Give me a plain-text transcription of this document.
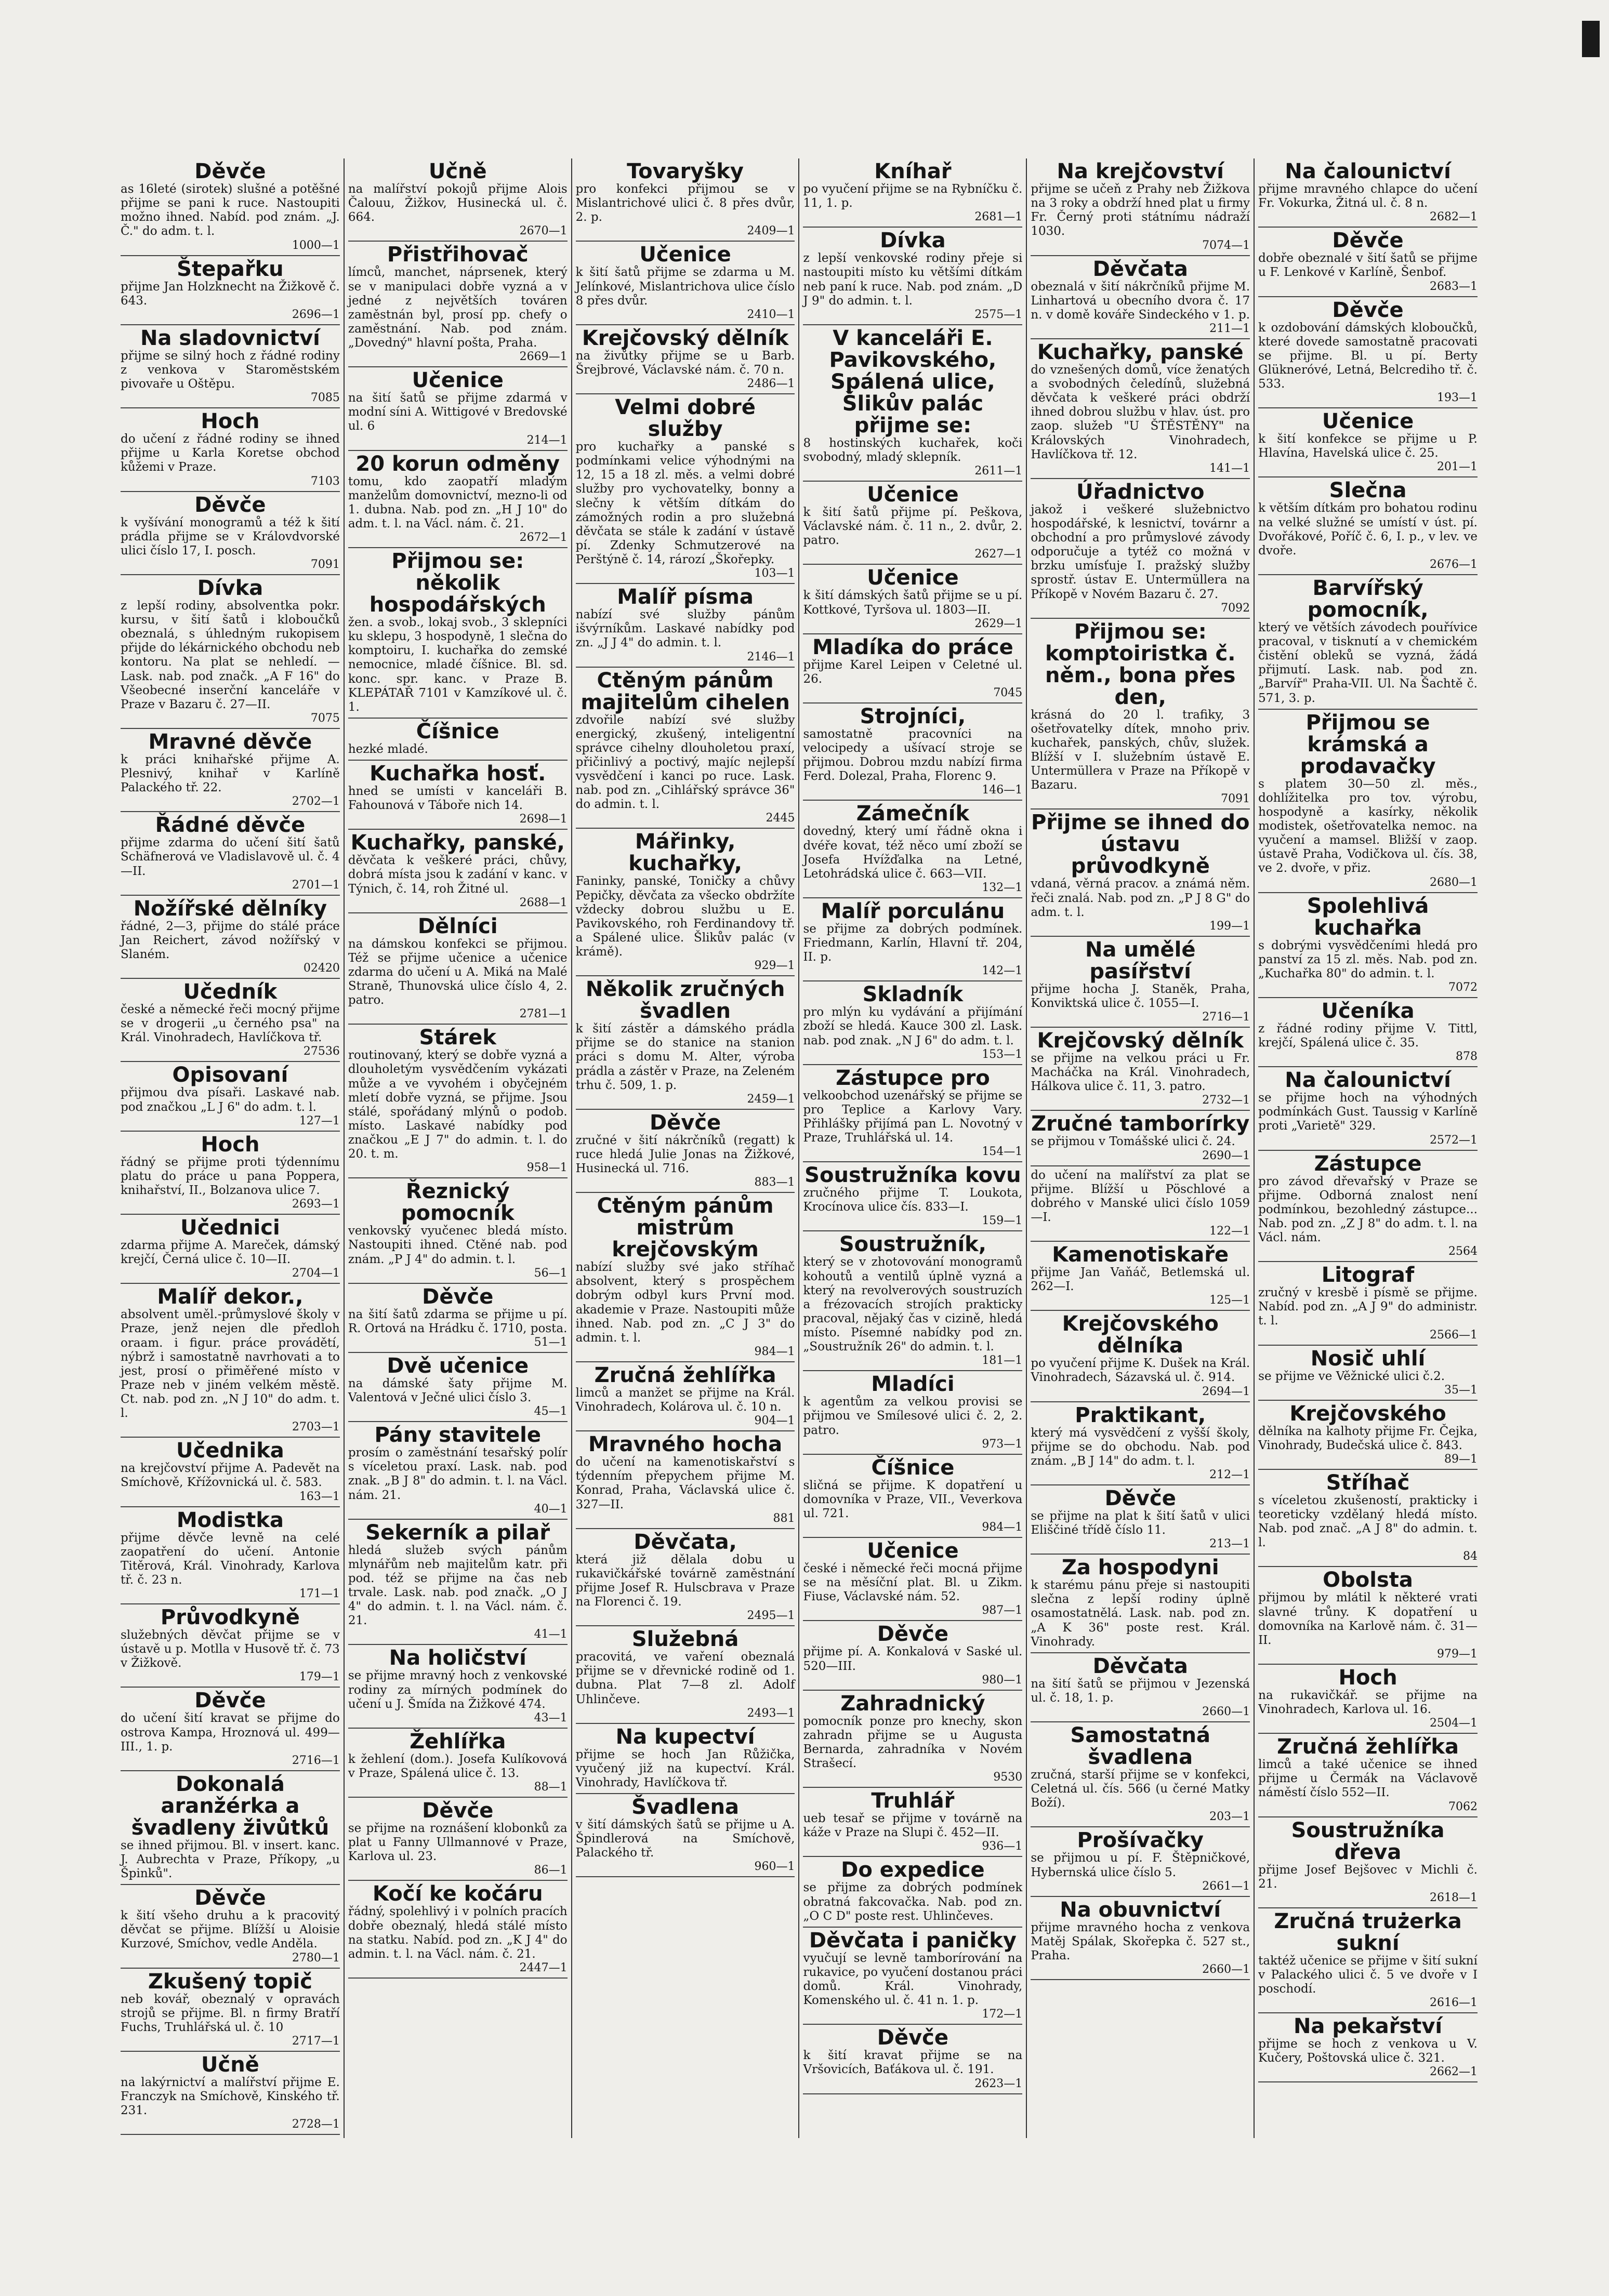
Děvče
as 16leté (sirotek) slušné a potěšné přijme se pani k ruce. Nastoupiti možno ihned. Nabíd. pod znám. „J. Č." do adm. t. l.
1000—1
Štepařku
přijme Jan Holzknecht na Žižkově č. 643.
2696—1
Na sladovnictví
přijme se silný hoch z řádné rodiny z venkova v Staroměstském pivovaře u Oštěpu.
7085
Hoch
do učení z řádné rodiny se ihned přijme u Karla Koretse obchod kůžemi v Praze.
7103
Děvče
k vyšívání monogramů a též k šití prádla přijme se v Královdvorské ulici číslo 17, I. posch.
7091
Dívka
z lepší rodiny, absolventka pokr. kursu, v šití šatů i kloboučků obeznalá, s úhledným rukopisem přijde do lékárnického obchodu neb kontoru. Na plat se nehledí. — Lask. nab. pod značk. „A F 16" do Všeobecné inserční kanceláře v Praze v Bazaru č. 27—II.
7075
Mravné děvče
k práci knihařské přijme A. Plesnivý, knihař v Karlíně Palackého tř. 22.
2702—1
Řádné děvče
přijme zdarma do učení šití šatů Schäfnerová ve Vladislavově ul. č. 4—II.
2701—1
Nožířské dělníky
řádné, 2—3, přijme do stálé práce Jan Reichert, závod nožířský v Slaném.
02420
Učedník
české a německé řeči mocný přijme se v drogerii „u černého psa" na Král. Vinohradech, Havlíčkova tř.
27536
Opisovaní
přijmou dva písaři. Laskavé nab. pod značkou „L J 6" do adm. t. l.
127—1
Hoch
řádný se přijme proti týdennímu platu do práce u pana Poppera, knihařství, II., Bolzanova ulice 7.
2693—1
Učednici
zdarma přijme A. Mareček, dámský krejčí, Černá ulice č. 10—II.
2704—1
Malíř dekor.,
absolvent uměl.-průmyslové školy v Praze, jenž nejen dle předloh oraam. i figur. práce provádětí, nýbrž i samostatně navrhovati a to jest, prosí o přiměřené místo v Praze neb v jiném velkém městě. Ct. nab. pod zn. „N J 10" do adm. t. l.
2703—1
Učednika
na krejčovství přijme A. Padevět na Smíchově, Křížovnická ul. č. 583.
163—1
Modistka
přijme děvče levně na celé zaopatření do učení. Antonie Titěrová, Král. Vinohrady, Karlova tř. č. 23 n.
171—1
Průvodkyně
služebných děvčat přijme se v ústavě u p. Motlla v Husově tř. č. 73 v Žižkově.
179—1
Děvče
do učení šití kravat se přijme do ostrova Kampa, Hroznová ul. 499—III., 1. p.
2716—1
Dokonalá aranžérka a švadleny živůtků
se ihned přijmou. Bl. v insert. kanc. J. Aubrechta v Praze, Příkopy, „u Špinků".
Děvče
k šití všeho druhu a k pracovitý děvčat se přijme. Blížší u Aloisie Kurzové, Smíchov, vedle Anděla.
2780—1
Zkušený topič
neb kovář, obeznalý v opravách strojů se přijme. Bl. n firmy Bratří Fuchs, Truhlářská ul. č. 10
2717—1
Učně
na lakýrnictví a malířství přijme E. Franczyk na Smíchově, Kinského tř. 231.
2728—1
Učně
na malířství pokojů přijme Alois Čalouu, Žižkov, Husinecká ul. č. 664.
2670—1
Přistřihovač
límců, manchet, náprsenek, který se v manipulaci dobře vyzná a v jedné z největších továren zaměstnán byl, prosí pp. chefy o zaměstnání. Nab. pod znám. „Dovedný" hlavní pošta, Praha.
2669—1
Učenice
na šití šatů se přijme zdarmá v modní síni A. Wittigové v Bredovské ul. 6
214—1
20 korun odměny
tomu, kdo zaopatří mladým manželům domovnictví, mezno-li od 1. dubna. Nab. pod zn. „H J 10" do adm. t. l. na Václ. nám. č. 21.
2672—1
Přijmou se: několik hospodářských
žen. a svob., lokaj svob., 3 sklepníci ku sklepu, 3 hospodyně, 1 slečna do komptoiru, I. kuchařka do zemské nemocnice, mladé číšnice. Bl. sd. konc. spr. kanc. v Praze B. KLEPÁTAŘ 7101 v Kamzíkové ul. č. 1.
Číšnice
hezké mladé.
Kuchařka hosť.
hned se umísti v kanceláři B. Fahounová v Táboře nich 14.
2698—1
Kuchařky, panské,
děvčata k veškeré práci, chůvy, dobrá místa jsou k zadání v kanc. v Týnich, č. 14, roh Žitné ul.
2688—1
Dělníci
na dámskou konfekci se přijmou. Též se přijme učenice a učenice zdarma do učení u A. Miká na Malé Straně, Thunovská ulice číslo 4, 2. patro.
2781—1
Stárek
routinovaný, který se dobře vyzná a dlouholetým vysvědčením vykázati může a ve vyvohém i obyčejném mletí dobře vyzná, se přijme. Jsou stálé, spořádaný mlýnů o podob. místo. Laskavé nabídky pod značkou „E J 7" do admin. t. l. do 20. t. m.
958—1
Řeznický pomocník
venkovský vyučenec bledá místo. Nastoupiti ihned. Ctěné nab. pod znám. „P J 4" do admin. t. l.
56—1
Děvče
na šití šatů zdarma se přijme u pí. R. Ortová na Hrádku č. 1710, posta.
51—1
Dvě učenice
na dámské šaty přijme M. Valentová v Ječné ulici číslo 3.
45—1
Pány stavitele
prosím o zaměstnání tesařský polír s víceletou praxí. Lask. nab. pod znak. „B J 8" do admin. t. l. na Václ. nám. 21.
40—1
Sekerník a pilař
hledá služeb svých pánům mlynářům neb majitelům katr. při pod. též se přijme na čas neb trvale. Lask. nab. pod značk. „O J 4" do admin. t. l. na Václ. nám. č. 21.
41—1
Na holičství
se přijme mravný hoch z venkovské rodiny za mírných podmínek do učení u J. Šmída na Žižkové 474.
43—1
Žehlířka
k žehlení (dom.). Josefa Kulíkovová v Praze, Spálená ulice č. 13.
88—1
Děvče
se přijme na roznášení klobonků za plat u Fanny Ullmannové v Praze, Karlova ul. 23.
86—1
Kočí ke kočáru
řádný, spolehlivý i v polních pracích dobře obeznalý, hledá stálé místo na statku. Nabíd. pod zn. „K J 4" do admin. t. l. na Václ. nám. č. 21.
2447—1
Tovaryšky
pro konfekci přijmou se v Mislantrichové ulici č. 8 přes dvůr, 2. p.
2409—1
Učenice
k šití šatů přijme se zdarma u M. Jelínkové, Mislantrichova ulice číslo 8 přes dvůr.
2410—1
Krejčovský dělník
na živůtky přijme se u Barb. Šrejbrové, Václavské nám. č. 70 n.
2486—1
Velmi dobré služby
pro kuchařky a panské s podmínkami velice výhodnými na 12, 15 a 18 zl. měs. a velmi dobré služby pro vychovatelky, bonny a slečny k větším dítkám do zámožných rodin a pro služebná děvčata se stále k zadání v ústavě pí. Zdenky Schmutzerové na Perštýně č. 14, rározí „Škořepky.
103—1
Malíř písma
nabízí své služby pánům išvýrníkům. Laskavé nabídky pod zn. „J J 4" do admin. t. l.
2146—1
Ctěným pánům majitelům cihelen
zdvořile nabízí své služby energický, zkušený, inteligentní správce cihelny dlouholetou praxí, přičinlivý a poctivý, majíc nejlepší vysvědčení i kanci po ruce. Lask. nab. pod zn. „Cihlářský správce 36" do admin. t. l.
2445
Mářinky, kuchařky,
Faninky, panské, Toničky a chůvy Pepičky, děvčata za všecko obdržíte vždecky dobrou službu u E. Pavikovského, roh Ferdinandovy tř. a Spálené ulice. Šlikův palác (v krámě).
929—1
Několik zručných švadlen
k šití zástěr a dámského prádla přijme se do stanice na stanion práci s domu M. Alter, výroba prádla a zástěr v Praze, na Zeleném trhu č. 509, 1. p.
2459—1
Děvče
zručné v šití nákrčníků (regatt) k ruce hledá Julie Jonas na Žižkové, Husinecká ul. 716.
883—1
Ctěným pánům mistrům krejčovským
nabízí služby své jako stříhač absolvent, který s prospěchem dobrým odbyl kurs První mod. akademie v Praze. Nastoupiti může ihned. Nab. pod zn. „C J 3" do admin. t. l.
984—1
Zručná žehlířka
limců a manžet se přijme na Král. Vinohradech, Kolárova ul. č. 10 n.
904—1
Mravného hocha
do učení na kamenotiskařství s týdenním přepychem přijme M. Konrad, Praha, Václavská ulice č. 327—II.
881
Děvčata,
která již dělala dobu u rukavičkářské továrně zaměstnání přijme Josef R. Hulscbrava v Praze na Florenci č. 19.
2495—1
Služebná
pracovitá, ve vaření obeznalá přijme se v dřevnické rodině od 1. dubna. Plat 7—8 zl. Adolf Uhlinčeve.
2493—1
Na kupectví
přijme se hoch Jan Růžička, vyučený již na kupectví. Král. Vinohrady, Havlíčkova tř.
Švadlena
v šití dámských šatů se přijme u A. Špindlerová na Smíchově, Palackého tř.
960—1
Kníhař
po vyučení přijme se na Rybníčku č. 11, 1. p.
2681—1
Dívka
z lepší venkovské rodiny přeje si nastoupiti místo ku většími dítkám neb paní k ruce. Nab. pod znám. „D J 9" do admin. t. l.
2575—1
V kanceláři E. Pavikovského, Spálená ulice, Šlikův palác přijme se:
8 hostinských kuchařek, koči svobodný, mladý sklepník.
2611—1
Učenice
k šití šatů přijme pí. Peškova, Václavské nám. č. 11 n., 2. dvůr, 2. patro.
2627—1
Učenice
k šití dámských šatů přijme se u pí. Kottkové, Tyršova ul. 1803—II.
2629—1
Mladíka do práce
přijme Karel Leipen v Celetné ul. 26.
7045
Strojníci,
samostatně pracovníci na velocipedy a ušívací stroje se přijmou. Dobrou mzdu nabízí firma Ferd. Dolezal, Praha, Florenc 9.
146—1
Zámečník
dovedný, který umí řádně okna i dvéře kovat, též něco umí zboží se Josefa Hvížďalka na Letné, Letohrádská ulice č. 663—VII.
132—1
Malíř porculánu
se přijme za dobrých podmínek. Friedmann, Karlín, Hlavní tř. 204, II. p.
142—1
Skladník
pro mlýn ku vydávání a přijímání zboží se hledá. Kauce 300 zl. Lask. nab. pod znak. „N J 6" do adm. t. l.
153—1
Zástupce pro
velkoobchod uzenářský se přijme se pro Teplice a Karlovy Vary. Přihlášky přijímá pan L. Novotný v Praze, Truhlářská ul. 14.
154—1
Soustružníka kovu
zručného přijme T. Loukota, Krocínova ulice čís. 833—I.
159—1
Soustružník,
který se v zhotovování monogramů kohoutů a ventilů úplně vyzná a který na revolverových soustruzích a frézovacích strojích prakticky pracoval, nějaký čas v cizině, hledá místo. Písemné nabídky pod zn. „Soustružník 26" do admin. t. l.
181—1
Mladíci
k agentům za velkou provisi se přijmou ve Smílesové ulici č. 2, 2. patro.
973—1
Číšnice
sličná se přijme. K dopatření u domovníka v Praze, VII., Veverkova ul. 721.
984—1
Učenice
české i německé řeči mocná přijme se na měsíční plat. Bl. u Zikm. Fiuse, Václavské nám. 52.
987—1
Děvče
přijme pí. A. Konkalová v Saské ul. 520—III.
980—1
Zahradnický
pomocník ponze pro knechy, skon zahradn přijme se u Augusta Bernarda, zahradníka v Novém Strašecí.
9530
Truhlář
ueb tesař se přijme v továrně na káže v Praze na Slupi č. 452—II.
936—1
Do expedice
se přijme za dobrých podmínek obratná fakcovačka. Nab. pod zn. „O C D" poste rest. Uhlinčeves.
Děvčata i paničky
vyučují se levně tamborírování na rukavice, po vyučení dostanou práci domů. Král. Vinohrady, Komenského ul. č. 41 n. 1. p.
172—1
Děvče
k šití kravat přijme se na Vršovicích, Baťákova ul. č. 191.
2623—1
Na krejčovství
přijme se učeň z Prahy neb Žižkova na 3 roky a obdrží hned plat u firmy Fr. Černý proti státnímu nádraží 1030.
7074—1
Děvčata
obeznalá v šití nákrčníků přijme M. Linhartová u obecního dvora č. 17 n. v domě kováře Sindeckého v 1. p.
211—1
Kuchařky, panské
do vznešených domů, více ženatých a svobodných čeledínů, služebná děvčata k veškeré práci obdrží ihned dobrou službu v hlav. úst. pro zaop. služeb "U ŠTĚSTĚNY" na Královských Vinohradech, Havlíčkova tř. 12.
141—1
Úřadnictvo
jakož i veškeré služebnictvo hospodářské, k lesnictví, továrnr a obchodní a pro průmyslové závody odporučuje a tytéž co možná v brzku umísťuje I. pražský služby sprostř. ústav E. Untermüllera na Příkopě v Novém Bazaru č. 27.
7092
Přijmou se: komptoiristka č. něm., bona přes den,
krásná do 20 l. trafiky, 3 ošetřovatelky dítek, mnoho priv. kuchařek, panských, chův, služek. Blížší v I. služebním ústavě E. Untermüllera v Praze na Příkopě v Bazaru.
7091
Přijme se ihned do ústavu průvodkyně
vdaná, věrná pracov. a známá něm. řeči znalá. Nab. pod zn. „P J 8 G" do adm. t. l.
199—1
Na umělé pasířství
přijme hocha J. Staněk, Praha, Konviktská ulice č. 1055—I.
2716—1
Krejčovský dělník
se přijme na velkou práci u Fr. Macháčka na Král. Vinohradech, Hálkova ulice č. 11, 3. patro.
2732—1
Zručné tamborírky
se přijmou v Tomášské ulici č. 24.
2690—1
do učení na malířství za plat se přijme. Blížší u Pöschlové a dobrého v Manské ulici číslo 1059—I.
122—1
Kamenotiskaře
přijme Jan Vaňáč, Betlemská ul. 262—I.
125—1
Krejčovského dělníka
po vyučení přijme K. Dušek na Král. Vinohradech, Sázavská ul. č. 914.
2694—1
Praktikant,
který má vysvědčení z vyšší školy, přijme se do obchodu. Nab. pod znám. „B J 14" do adm. t. l.
212—1
Děvče
se přijme na plat k šití šatů v ulici Eliščiné třídě číslo 11.
213—1
Za hospodyni
k starému pánu přeje si nastoupiti slečna z lepší rodiny úplně osamostatnělá. Lask. nab. pod zn. „A K 36" poste rest. Král. Vinohrady.
Děvčata
na šití šatů se přijmou v Jezenská ul. č. 18, 1. p.
2660—1
Samostatná švadlena
zručná, starší přijme se v konfekci, Celetná ul. čís. 566 (u černé Matky Boží).
203—1
Prošívačky
se přijmou u pí. F. Štěpničkové, Hybernská ulice číslo 5.
2661—1
Na obuvnictví
přijme mravného hocha z venkova Matěj Spálak, Skořepka č. 527 st., Praha.
2660—1
Na čalounictví
přijme mravného chlapce do učení Fr. Vokurka, Žitná ul. č. 8 n.
2682—1
Děvče
dobře obeznalé v šití šatů se přijme u F. Lenkové v Karlíně, Šenbof.
2683—1
Děvče
k ozdobování dámských kloboučků, které dovede samostatně pracovati se přijme. Bl. u pí. Berty Glükneróvé, Letná, Belcrediho tř. č. 533.
193—1
Učenice
k šití konfekce se přijme u P. Hlavína, Havelská ulice č. 25.
201—1
Slečna
k větším dítkám pro bohatou rodinu na velké služné se umístí v úst. pí. Dvořákové, Poříč č. 6, I. p., v lev. ve dvoře.
2676—1
Barvířský pomocník,
který ve větších závodech pouřívice pracoval, v tisknutí a v chemickém čistění obleků se vyzná, žádá přijmutí. Lask. nab. pod zn. „Barvíř" Praha-VII. Ul. Na Šachtě č. 571, 3. p.
Přijmou se krámská a prodavačky
s platem 30—50 zl. měs., dohlížitelka pro tov. výrobu, hospodyně a kasírky, několik modistek, ošetřovatelka nemoc. na vyučení a mamsel. Bližší v zaop. ústavě Praha, Vodičkova ul. čís. 38, ve 2. dvoře, v přiz.
2680—1
Spolehlivá kuchařka
s dobrými vysvědčeními hledá pro panství za 15 zl. měs. Nab. pod zn. „Kuchařka 80" do admin. t. l.
7072
Učeníka
z řádné rodiny přijme V. Tittl, krejčí, Spálená ulice č. 35.
878
Na čalounictví
se přijme hoch na výhodných podmínkách Gust. Taussig v Karlíně proti „Varietě" 329.
2572—1
Zástupce
pro závod dřevařský v Praze se přijme. Odborná znalost není podmínkou, bezohledný zástupce... Nab. pod zn. „Z J 8" do adm. t. l. na Václ. nám.
2564
Litograf
zručný v kresbě i písmě se přijme. Nabíd. pod zn. „A J 9" do administr. t. l.
2566—1
Nosič uhlí
se přijme ve Věžnické ulici č.2.
35—1
Krejčovského
dělníka na kalhoty přijme Fr. Čejka, Vinohrady, Budečská ulice č. 843.
89—1
Stříhač
s víceletou zkušeností, prakticky i teoreticky vzdělaný hledá místo. Nab. pod znač. „A J 8" do admin. t. l.
84
Obolsta
přijmou by mlátil k některé vrati slavné trůny. K dopatření u domovníka na Karlově nám. č. 31—II.
979—1
Hoch
na rukavičkář. se přijme na Vinohradech, Karlova ul. 16.
2504—1
Zručná žehlířka
limců a také učenice se ihned přijme u Čermák na Václavově náměstí číslo 552—II.
7062
Soustružníka dřeva
přijme Josef Bejšovec v Michli č. 21.
2618—1
Zručná trużerka sukní
taktéž učenice se přijme v šití sukní v Palackého ulici č. 5 ve dvoře v I poschodí.
2616—1
Na pekařství
přijme se hoch z venkova u V. Kučery, Poštovská ulice č. 321.
2662—1
